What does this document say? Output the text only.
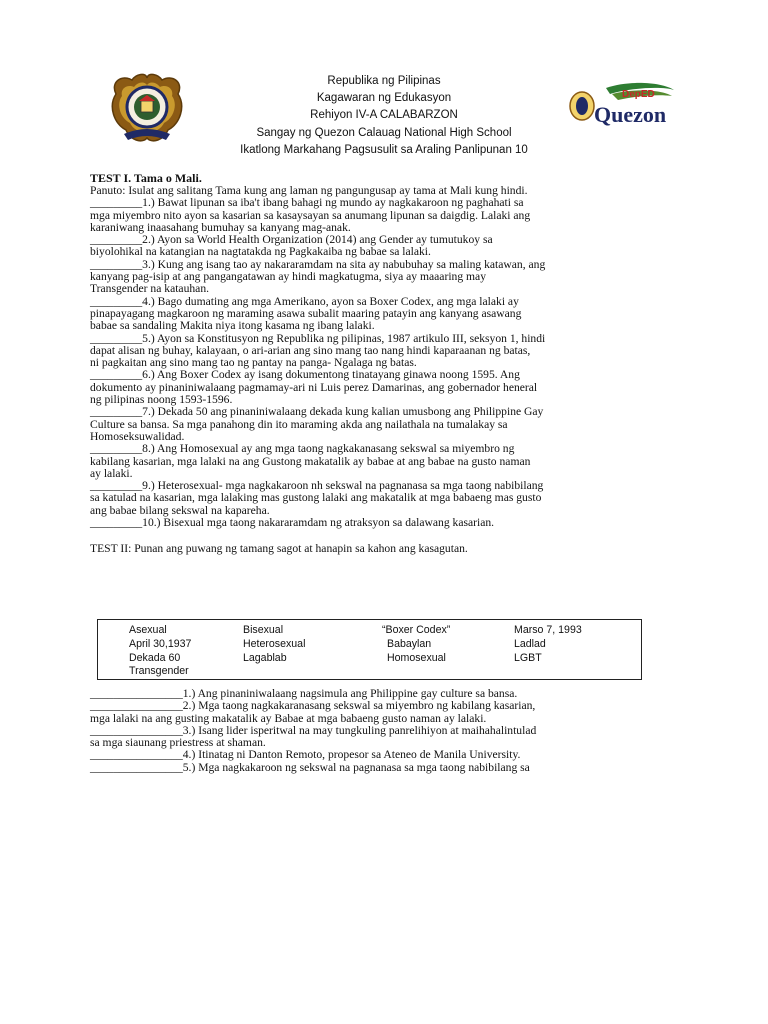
DepED
Quezon
Republika ng Pilipinas
Kagawaran ng Edukasyon
Rehiyon IV-A CALABARZON
Sangay ng Quezon Calauag National High School
Ikatlong Markahang Pagsusulit sa Araling Panlipunan 10
TEST I. Tama o Mali.
Panuto: Isulat ang salitang Tama kung ang laman ng pangungusap ay tama at Mali kung hindi.
_________1.) Bawat lipunan sa iba't ibang bahagi ng mundo ay nagkakaroon ng paghahati sa
mga miyembro nito ayon sa kasarian sa kasaysayan sa anumang lipunan sa daigdig. Lalaki ang
karaniwang inaasahang bumuhay sa kanyang mag-anak.
_________2.) Ayon sa World Health Organization (2014) ang Gender ay tumutukoy sa
biyolohikal na katangian na nagtatakda ng Pagkakaiba ng babae sa lalaki.
_________3.) Kung ang isang tao ay nakararamdam na sita ay nabubuhay sa maling katawan, ang
kanyang pag-isip at ang pangangatawan ay hindi magkatugma, siya ay maaaring may
Transgender na katauhan.
_________4.) Bago dumating ang mga Amerikano, ayon sa Boxer Codex, ang mga lalaki ay
pinapayagang magkaroon ng maraming asawa subalit maaring patayin ang kanyang asawang
babae sa sandaling Makita niya itong kasama ng ibang lalaki.
_________5.) Ayon sa Konstitusyon ng Republika ng pilipinas, 1987 artikulo III, seksyon 1, hindi
dapat alisan ng buhay, kalayaan, o ari-arian ang sino mang tao nang hindi kaparaanan ng batas,
ni pagkaitan ang sino mang tao ng pantay na panga- Ngalaga ng batas.
_________6.) Ang Boxer Codex ay isang dokumentong tinatayang ginawa noong 1595. Ang
dokumento ay pinaniniwalaang pagmamay-ari ni Luis perez Damarinas, ang gobernador heneral
ng pilipinas noong 1593-1596.
_________7.) Dekada 50 ang pinaniniwalaang dekada kung kalian umusbong ang Philippine Gay
Culture sa bansa. Sa mga panahong din ito maraming akda ang nailathala na tumalakay sa
Homoseksuwalidad.
_________8.) Ang Homosexual ay ang mga taong nagkakanasang sekswal sa miyembro ng
kabilang kasarian, mga lalaki na ang Gustong makatalik ay babae at ang babae na gusto naman
ay lalaki.
_________9.) Heterosexual- mga nagkakaroon nh sekswal na pagnanasa sa mga taong nabibilang
sa katulad na kasarian, mga lalaking mas gustong lalaki ang makatalik at mga babaeng mas gusto
ang babae bilang sekswal na kapareha.
_________10.) Bisexual mga taong nakararamdam ng atraksyon sa dalawang kasarian.
TEST II: Punan ang puwang ng tamang sagot at hanapin sa kahon ang kasagutan.
Asexual
April 30,1937
Dekada 60
Transgender
Bisexual
Heterosexual
Lagablab
“Boxer Codex”
Babaylan
Homosexual
Marso 7, 1993
Ladlad
LGBT
________________1.) Ang pinaniniwalaang nagsimula ang Philippine gay culture sa bansa.
________________2.) Mga taong nagkakaranasang sekswal sa miyembro ng kabilang kasarian,
mga lalaki na ang gusting makatalik ay Babae at mga babaeng gusto naman ay lalaki.
________________3.) Isang lider isperitwal na may tungkuling panrelihiyon at maihahalintulad
sa mga siaunang priestress at shaman.
________________4.) Itinatag ni Danton Remoto, propesor sa Ateneo de Manila University.
________________5.) Mga nagkakaroon ng sekswal na pagnanasa sa mga taong nabibilang sa
